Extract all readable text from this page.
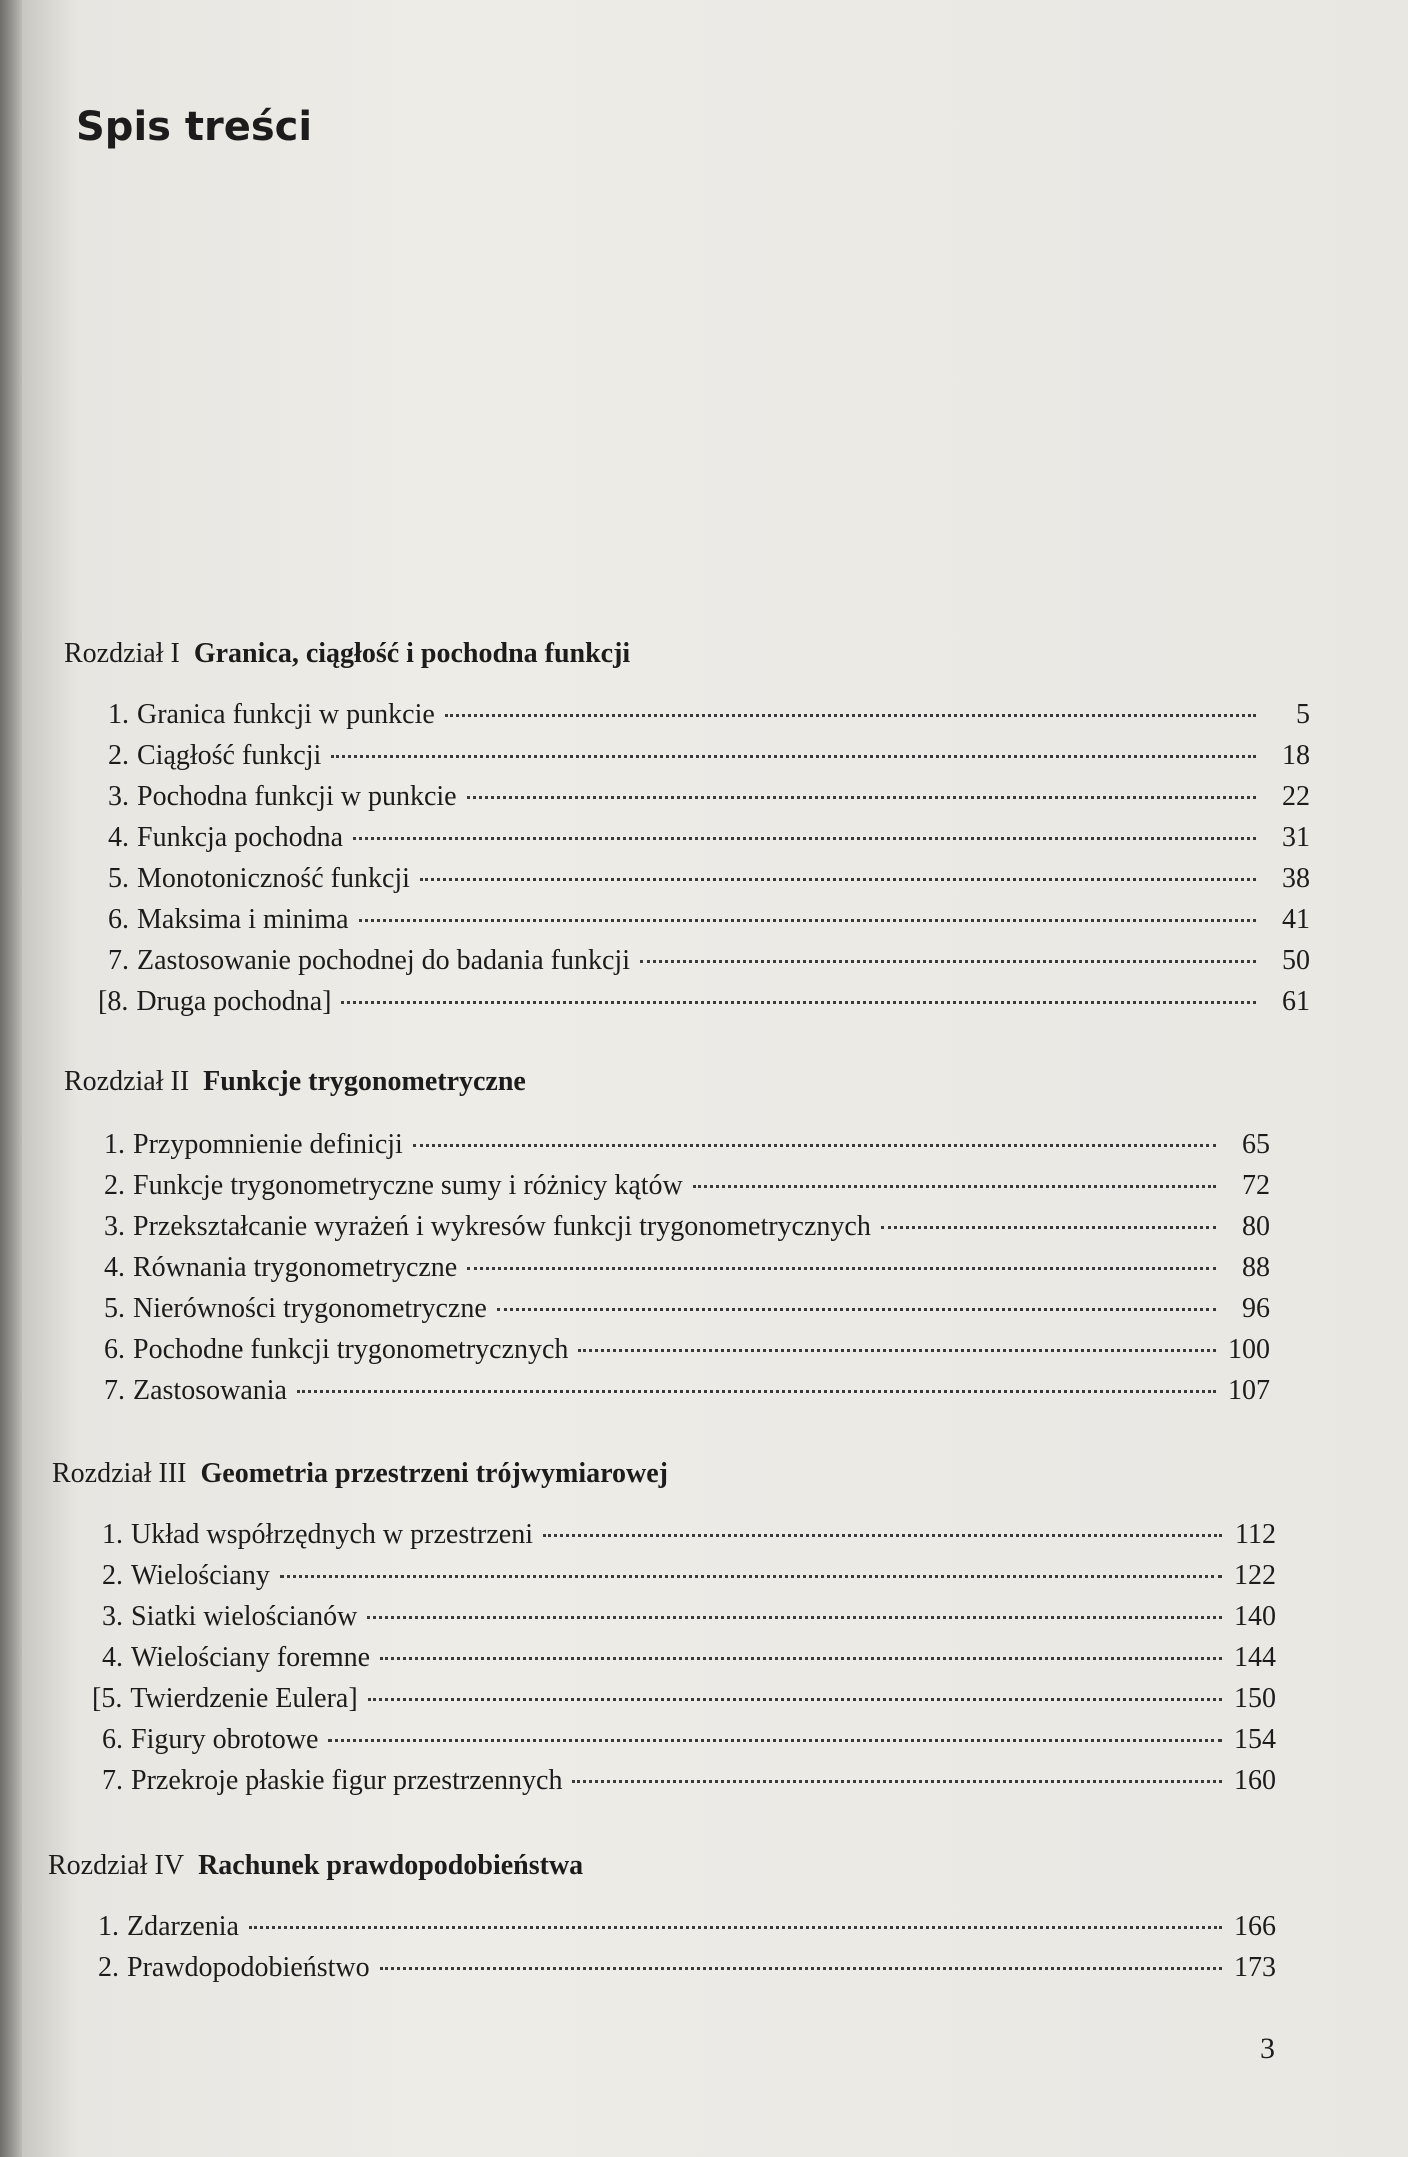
Spis treści
Rozdział I Granica, ciągłość i pochodna funkcji
1. Granica funkcji w punkcie	5
2. Ciągłość funkcji	18
3. Pochodna funkcji w punkcie	22
4. Funkcja pochodna	31
5. Monotoniczność funkcji	38
6. Maksima i minima	41
7. Zastosowanie pochodnej do badania funkcji	50
[8. Druga pochodna]	61
Rozdział II Funkcje trygonometryczne
1. Przypomnienie definicji	65
2. Funkcje trygonometryczne sumy i różnicy kątów	72
3. Przekształcanie wyrażeń i wykresów funkcji trygonometrycznych	80
4. Równania trygonometryczne	88
5. Nierówności trygonometryczne	96
6. Pochodne funkcji trygonometrycznych	100
7. Zastosowania	107
Rozdział III Geometria przestrzeni trójwymiarowej
1. Układ współrzędnych w przestrzeni	112
2. Wielościany	122
3. Siatki wielościanów	140
4. Wielościany foremne	144
[5. Twierdzenie Eulera]	150
6. Figury obrotowe	154
7. Przekroje płaskie figur przestrzennych	160
Rozdział IV Rachunek prawdopodobieństwa
1. Zdarzenia	166
2. Prawdopodobieństwo	173
3
